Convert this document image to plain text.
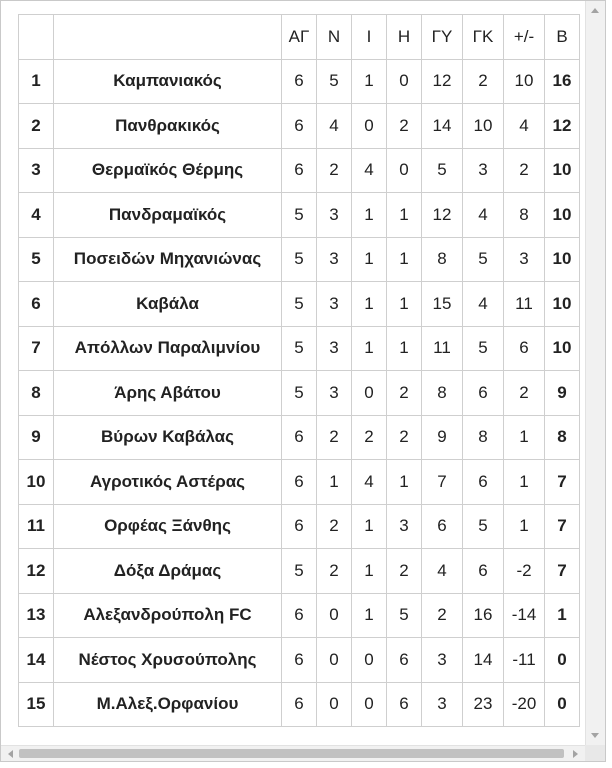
		ΑΓ	Ν	Ι	Η	ΓΥ	ΓΚ	+/-	Β
1	Καμπανιακός	6	5	1	0	12	2	10	16
2	Πανθρακικός	6	4	0	2	14	10	4	12
3	Θερμαϊκός Θέρμης	6	2	4	0	5	3	2	10
4	Πανδραμαϊκός	5	3	1	1	12	4	8	10
5	Ποσειδών Μηχανιώνας	5	3	1	1	8	5	3	10
6	Καβάλα	5	3	1	1	15	4	11	10
7	Απόλλων Παραλιμνίου	5	3	1	1	11	5	6	10
8	Άρης Αβάτου	5	3	0	2	8	6	2	9
9	Βύρων Καβάλας	6	2	2	2	9	8	1	8
10	Αγροτικός Αστέρας	6	1	4	1	7	6	1	7
11	Ορφέας Ξάνθης	6	2	1	3	6	5	1	7
12	Δόξα Δράμας	5	2	1	2	4	6	-2	7
13	Αλεξανδρούπολη FC	6	0	1	5	2	16	-14	1
14	Νέστος Χρυσούπολης	6	0	0	6	3	14	-11	0
15	Μ.Αλεξ.Ορφανίου	6	0	0	6	3	23	-20	0
